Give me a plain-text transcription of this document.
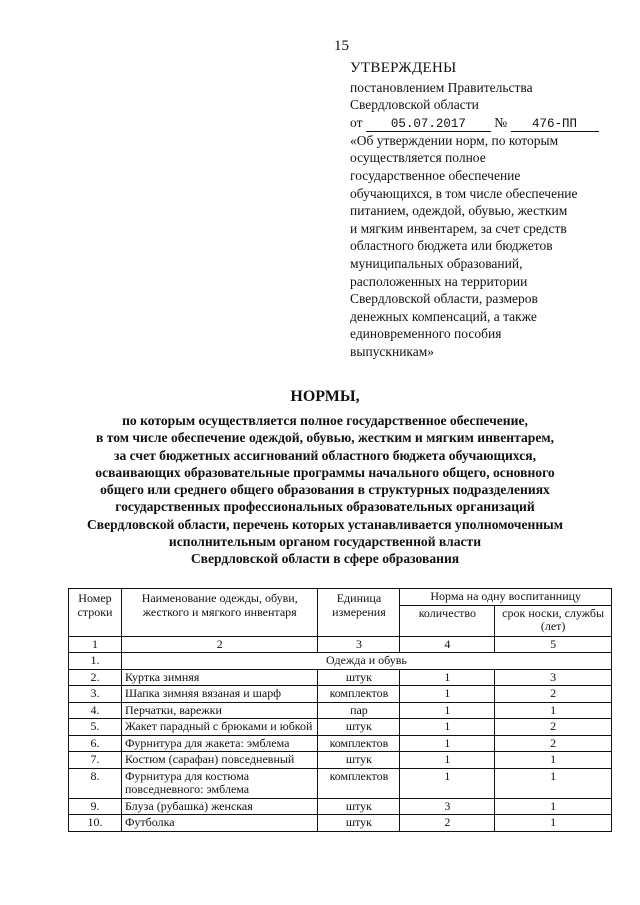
15
УТВЕРЖДЕНЫ
постановлением Правительства
Свердловской области
от 05.07.2017 № 476-ПП
«Об утверждении норм, по которым
осуществляется полное
государственное обеспечение
обучающихся, в том числе обеспечение
питанием, одеждой, обувью, жестким
и мягким инвентарем, за счет средств
областного бюджета или бюджетов
муниципальных образований,
расположенных на территории
Свердловской области, размеров
денежных компенсаций, а также
единовременного пособия
выпускникам»
НОРМЫ,
по которым осуществляется полное государственное обеспечение,
в том числе обеспечение одеждой, обувью, жестким и мягким инвентарем,
за счет бюджетных ассигнований областного бюджета обучающихся,
осваивающих образовательные программы начального общего, основного
общего или среднего общего образования в структурных подразделениях
государственных профессиональных образовательных организаций
Свердловской области, перечень которых устанавливается уполномоченным
исполнительным органом государственной власти
Свердловской области в сфере образования
Номер строки	Наименование одежды, обуви, жесткого и мягкого инвентаря	Единица измерения	Норма на одну воспитанницу	
			количество	срок носки, службы (лет)
1	2	3	4	5
1.	Одежда и обувь			
2.	Куртка зимняя	штук	1	3
3.	Шапка зимняя вязаная и шарф	комплектов	1	2
4.	Перчатки, варежки	пар	1	1
5.	Жакет парадный с брюками и юбкой	штук	1	2
6.	Фурнитура для жакета: эмблема	комплектов	1	2
7.	Костюм (сарафан) повседневный	штук	1	1
8.	Фурнитура для костюма повседневного: эмблема	комплектов	1	1
9.	Блуза (рубашка) женская	штук	3	1
10.	Футболка	штук	2	1
